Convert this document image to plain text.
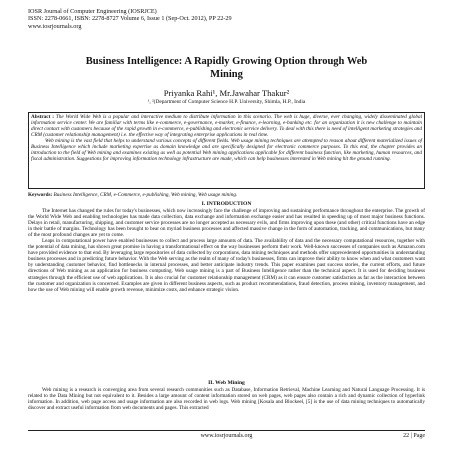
IOSR Journal of Computer Engineering (IOSRJCE)
ISSN: 2278-0661, ISBN: 2278-8727 Volume 6, Issue 1 (Sep-Oct. 2012), PP 22-29
www.iosrjournals.org
Business Intelligence: A Rapidly Growing Option through Web
Mining
Priyanka Rahi¹, Mr.Jawahar Thakur²
¹, ²(Department of Computer Science H.P. University, Shimla, H.P., India
Abstract : The World Wide Web is a popular and interactive medium to distribute information in this scenario. The web is huge, diverse, ever changing, widely disseminated global information service center. We are familiar with terms like e-commerce, e-governance, e-market, e-finance, e-learning, e-banking etc. for an organization it is new challenge to maintain direct contact with customers because of the rapid growth in e-commerce, e-publishing and electronic service delivery. To deal with this there is need of intelligent marketing strategies and CRM (customer relationship management) i.e. the effective way of integrating enterprise applications in real time.
Web mining is the vast field that helps to understand various concepts of different fields. Web usage mining techniques are attempted to reason about different materialized issues of Business Intelligence which include marketing expertise as domain knowledge and are specifically designed for electronic commerce purposes. To this end, the chapter provides an introduction to the field of Web mining and examines existing as well as potential Web mining applications applicable for different business function, like marketing, human resources, and fiscal administration. Suggestions for improving information technology infrastructure are made, which can help businesses interested in Web mining hit the ground running.
Keywords: Business Intelligence, CRM, e-Commerce, e-publishing, Web mining, Web usage mining.
I. INTRODUCTION
The Internet has changed the rules for today's businesses, which now increasingly face the challenge of improving and sustaining performance throughout the enterprise. The growth of the World Wide Web and enabling technologies has made data collection, data exchange and information exchange easier and has resulted in speeding up of most major business functions. Delays in retail, manufacturing, shipping, and customer service processes are no longer accepted as necessary evils, and firms improving upon these (and other) critical functions have an edge in their battle of margins. Technology has been brought to bear on myriad business processes and affected massive change in the form of automation, tracking, and communications, but many of the most profound changes are yet to come.
Leaps in computational power have enabled businesses to collect and process large amounts of data. The availability of data and the necessary computational resources, together with the potential of data mining, has shown great promise in having a transformational effect on the way businesses perform their work. Well-known successes of companies such as Amazon.com have provided evidence to that end. By leveraging large repositories of data collected by corporations, data mining techniques and methods offer unprecedented opportunities in understanding business processes and in predicting future behavior. With the Web serving as the realm of many of today's businesses, firms can improve their ability to know when and what customers want by understanding customer behavior, find bottlenecks in internal processes, and better anticipate industry trends. This paper examines past success stories, the current efforts, and future directions of Web mining as an application for business computing. Web usage mining is a part of Business Intelligence rather than the technical aspect. It is used for deciding business strategies through the efficient use of web applications. It is also crucial for customer relationship management (CRM) as it can ensure customer satisfaction as far as the interaction between the customer and organization is concerned. Examples are given in different business aspects, such as product recommendations, fraud detection, process mining, inventory management, and how the use of Web mining will enable growth revenue, minimize costs, and enhance strategic vision.
II. Web Mining
Web mining is a research is converging area from several research communities such as Database, Information Retrieval, Machine Learning and Natural Language Processing. It is related to the Data Mining but not equivalent to it. Besides a large amount of content information stored on web pages, web pages also contain a rich and dynamic collection of hyperlink information. In addition, web page access and usage information are also recorded in web logs. Web mining [Kosala and Blockeel, [5] is the use of data mining techniques to automatically discover and extract useful information from web documents and pages. This extracted
www.iosrjournals.org	22 | Page
